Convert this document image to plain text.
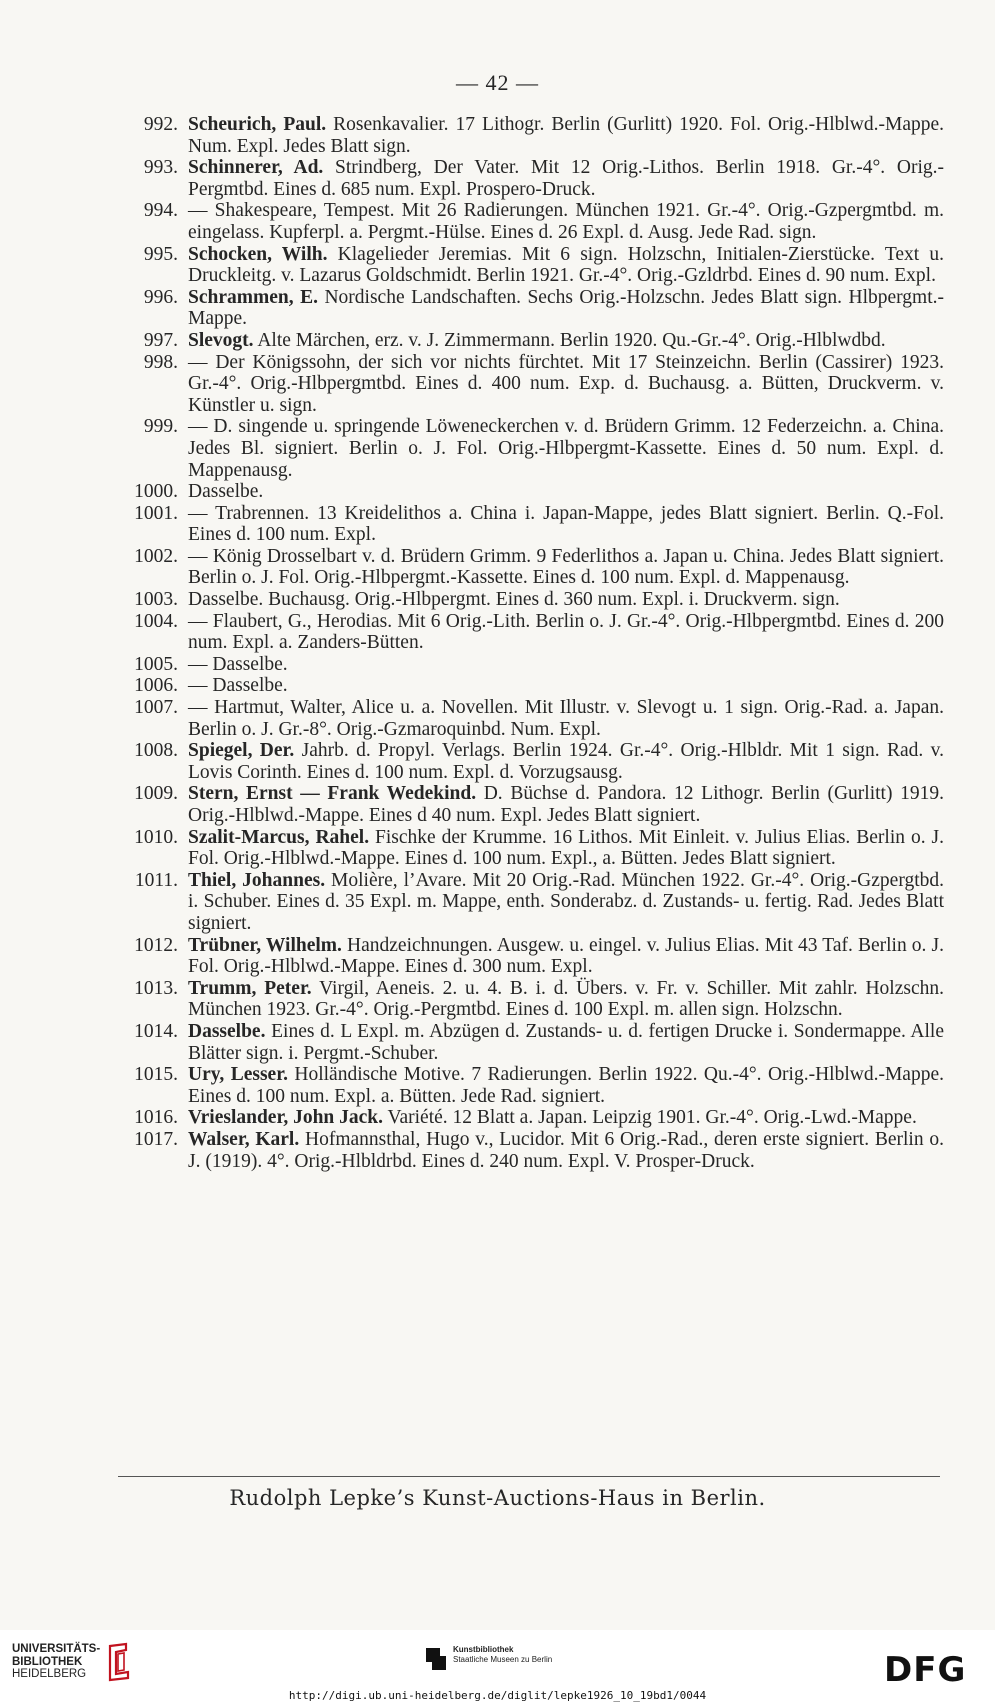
— 42 —
992. Scheurich, Paul. Rosenkavalier. 17 Lithogr. Berlin (Gurlitt) 1920. Fol. Orig.-Hlblwd.-Mappe. Num. Expl. Jedes Blatt sign.
993. Schinnerer, Ad. Strindberg, Der Vater. Mit 12 Orig.-Lithos. Berlin 1918. Gr.-4°. Orig.-Pergmtbd. Eines d. 685 num. Expl. Prospero-Druck.
994. — Shakespeare, Tempest. Mit 26 Radierungen. München 1921. Gr.-4°. Orig.-Gzpergmtbd. m. eingelass. Kupferpl. a. Pergmt.-Hülse. Eines d. 26 Expl. d. Ausg. Jede Rad. sign.
995. Schocken, Wilh. Klagelieder Jeremias. Mit 6 sign. Holzschn, Initialen-Zierstücke. Text u. Druckleitg. v. Lazarus Goldschmidt. Berlin 1921. Gr.-4°. Orig.-Gzldrbd. Eines d. 90 num. Expl.
996. Schrammen, E. Nordische Landschaften. Sechs Orig.-Holzschn. Jedes Blatt sign. Hlbpergmt.-Mappe.
997. Slevogt. Alte Märchen, erz. v. J. Zimmermann. Berlin 1920. Qu.-Gr.-4°. Orig.-Hlblwdbd.
998. — Der Königssohn, der sich vor nichts fürchtet. Mit 17 Steinzeichn. Berlin (Cassirer) 1923. Gr.-4°. Orig.-Hlbpergmtbd. Eines d. 400 num. Exp. d. Buchausg. a. Bütten, Druckverm. v. Künstler u. sign.
999. — D. singende u. springende Löweneckerchen v. d. Brüdern Grimm. 12 Federzeichn. a. China. Jedes Bl. signiert. Berlin o. J. Fol. Orig.-Hlbpergmt-Kassette. Eines d. 50 num. Expl. d. Mappenausg.
1000. Dasselbe.
1001. — Trabrennen. 13 Kreidelithos a. China i. Japan-Mappe, jedes Blatt signiert. Berlin. Q.-Fol. Eines d. 100 num. Expl.
1002. — König Drosselbart v. d. Brüdern Grimm. 9 Federlithos a. Japan u. China. Jedes Blatt signiert. Berlin o. J. Fol. Orig.-Hlbpergmt.-Kassette. Eines d. 100 num. Expl. d. Mappenausg.
1003. Dasselbe. Buchausg. Orig.-Hlbpergmt. Eines d. 360 num. Expl. i. Druckverm. sign.
1004. — Flaubert, G., Herodias. Mit 6 Orig.-Lith. Berlin o. J. Gr.-4°. Orig.-Hlbpergmtbd. Eines d. 200 num. Expl. a. Zanders-Bütten.
1005. — Dasselbe.
1006. — Dasselbe.
1007. — Hartmut, Walter, Alice u. a. Novellen. Mit Illustr. v. Slevogt u. 1 sign. Orig.-Rad. a. Japan. Berlin o. J. Gr.-8°. Orig.-Gzmaroquinbd. Num. Expl.
1008. Spiegel, Der. Jahrb. d. Propyl. Verlags. Berlin 1924. Gr.-4°. Orig.-Hlbldr. Mit 1 sign. Rad. v. Lovis Corinth. Eines d. 100 num. Expl. d. Vorzugsausg.
1009. Stern, Ernst — Frank Wedekind. D. Büchse d. Pandora. 12 Lithogr. Berlin (Gurlitt) 1919. Orig.-Hlblwd.-Mappe. Eines d 40 num. Expl. Jedes Blatt signiert.
1010. Szalit-Marcus, Rahel. Fischke der Krumme. 16 Lithos. Mit Einleit. v. Julius Elias. Berlin o. J. Fol. Orig.-Hlblwd.-Mappe. Eines d. 100 num. Expl., a. Bütten. Jedes Blatt signiert.
1011. Thiel, Johannes. Molière, l’Avare. Mit 20 Orig.-Rad. München 1922. Gr.-4°. Orig.-Gzpergtbd. i. Schuber. Eines d. 35 Expl. m. Mappe, enth. Sonderabz. d. Zustands- u. fertig. Rad. Jedes Blatt signiert.
1012. Trübner, Wilhelm. Handzeichnungen. Ausgew. u. eingel. v. Julius Elias. Mit 43 Taf. Berlin o. J. Fol. Orig.-Hlblwd.-Mappe. Eines d. 300 num. Expl.
1013. Trumm, Peter. Virgil, Aeneis. 2. u. 4. B. i. d. Übers. v. Fr. v. Schiller. Mit zahlr. Holzschn. München 1923. Gr.-4°. Orig.-Pergmtbd. Eines d. 100 Expl. m. allen sign. Holzschn.
1014. Dasselbe. Eines d. L Expl. m. Abzügen d. Zustands- u. d. fertigen Drucke i. Sondermappe. Alle Blätter sign. i. Pergmt.-Schuber.
1015. Ury, Lesser. Holländische Motive. 7 Radierungen. Berlin 1922. Qu.-4°. Orig.-Hlblwd.-Mappe. Eines d. 100 num. Expl. a. Bütten. Jede Rad. signiert.
1016. Vrieslander, John Jack. Variété. 12 Blatt a. Japan. Leipzig 1901. Gr.-4°. Orig.-Lwd.-Mappe.
1017. Walser, Karl. Hofmannsthal, Hugo v., Lucidor. Mit 6 Orig.-Rad., deren erste signiert. Berlin o. J. (1919). 4°. Orig.-Hlbldrbd. Eines d. 240 num. Expl. V. Prosper-Druck.
Rudolph Lepke’s Kunst-Auctions-Haus in Berlin.
UNIVERSITÄTS-
BIBLIOTHEK
HEIDELBERG
Kunstbibliothek
Staatliche Museen zu Berlin	DFG
http://digi.ub.uni-heidelberg.de/diglit/lepke1926_10_19bd1/0044
